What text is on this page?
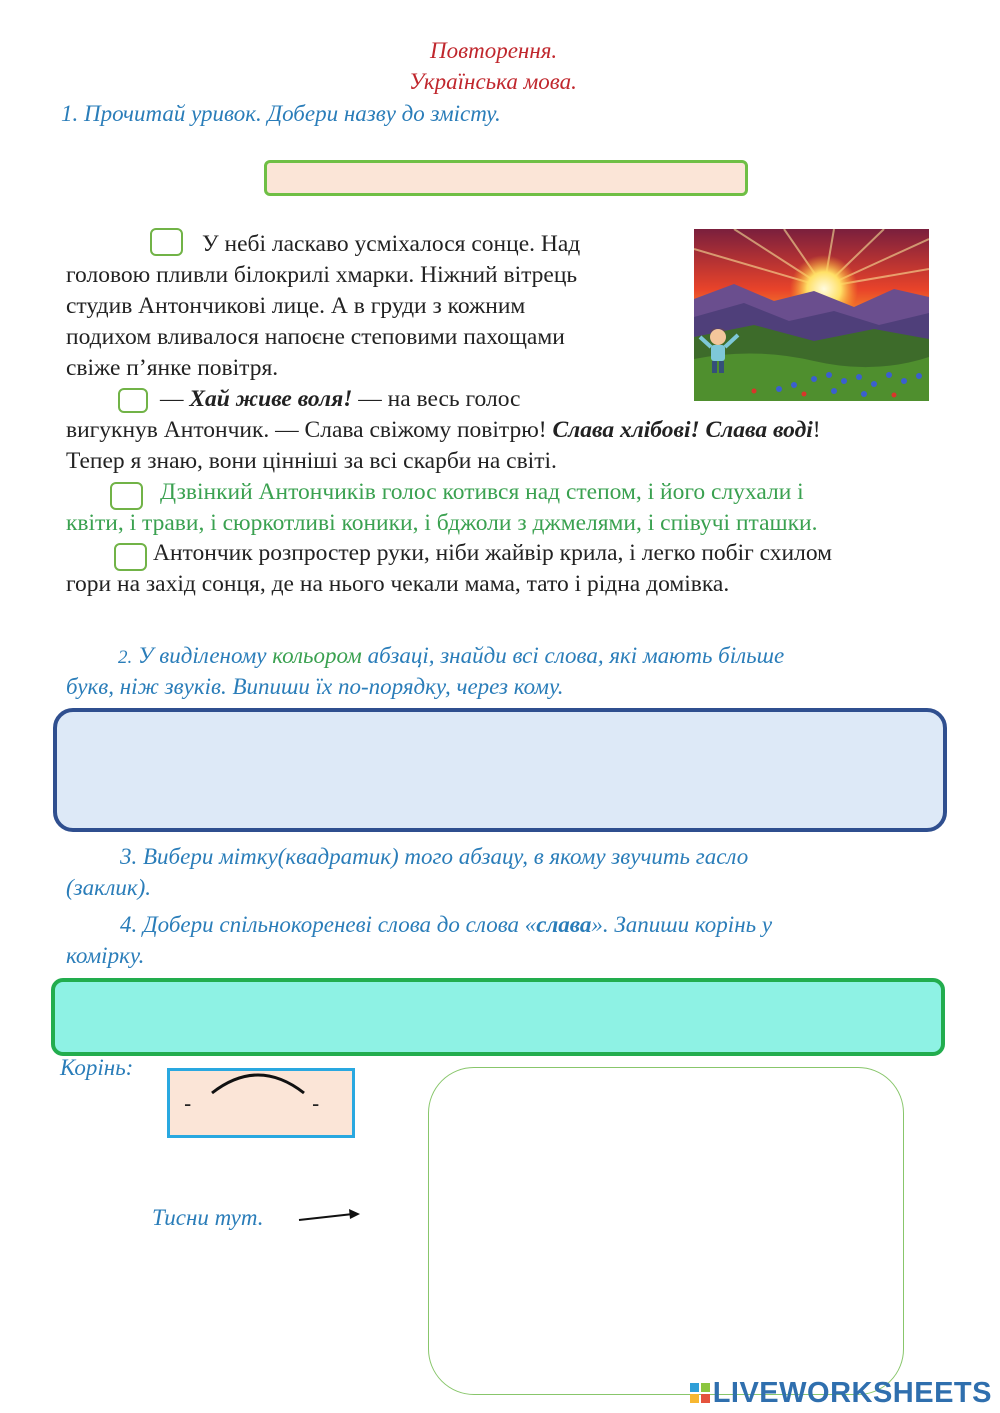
Повторення.
Українська мова.
1. Прочитай уривок. Добери назву до змісту.
У небі ласкаво усміхалося сонце. Над
головою пливли білокрилі хмарки. Ніжний вітрець
студив Антончикові лице. А в груди з кожним
подихом вливалося напоєне степовими пахощами
свіже п’янке повітря.
— Хай живе воля! — на весь голос
вигукнув Антончик. — Слава свіжому повітрю! Слава хлібові! Слава воді!
Тепер я знаю, вони цінніші за всі скарби на світі.
Дзвінкий Антончиків голос котився над степом, і його слухали і
квіти, і трави, і сюркотливі коники, і бджоли з джмелями, і співучі пташки.
Антончик розпростер руки, ніби жайвір крила, і легко побіг схилом
гори на захід сонця, де на нього чекали мама, тато і рідна домівка.
2. У виділеному кольором абзаці, знайди всі слова, які мають більше
букв, ніж звуків. Випиши їх по-порядку, через кому.
3. Вибери мітку(квадратик) того абзацу, в якому звучить гасло
(заклик).
4. Добери спільнокореневі слова до слова «слава». Запиши корінь у
комірку.
Корінь:
-	-
Тисни тут.
LIVEWORKSHEETS
